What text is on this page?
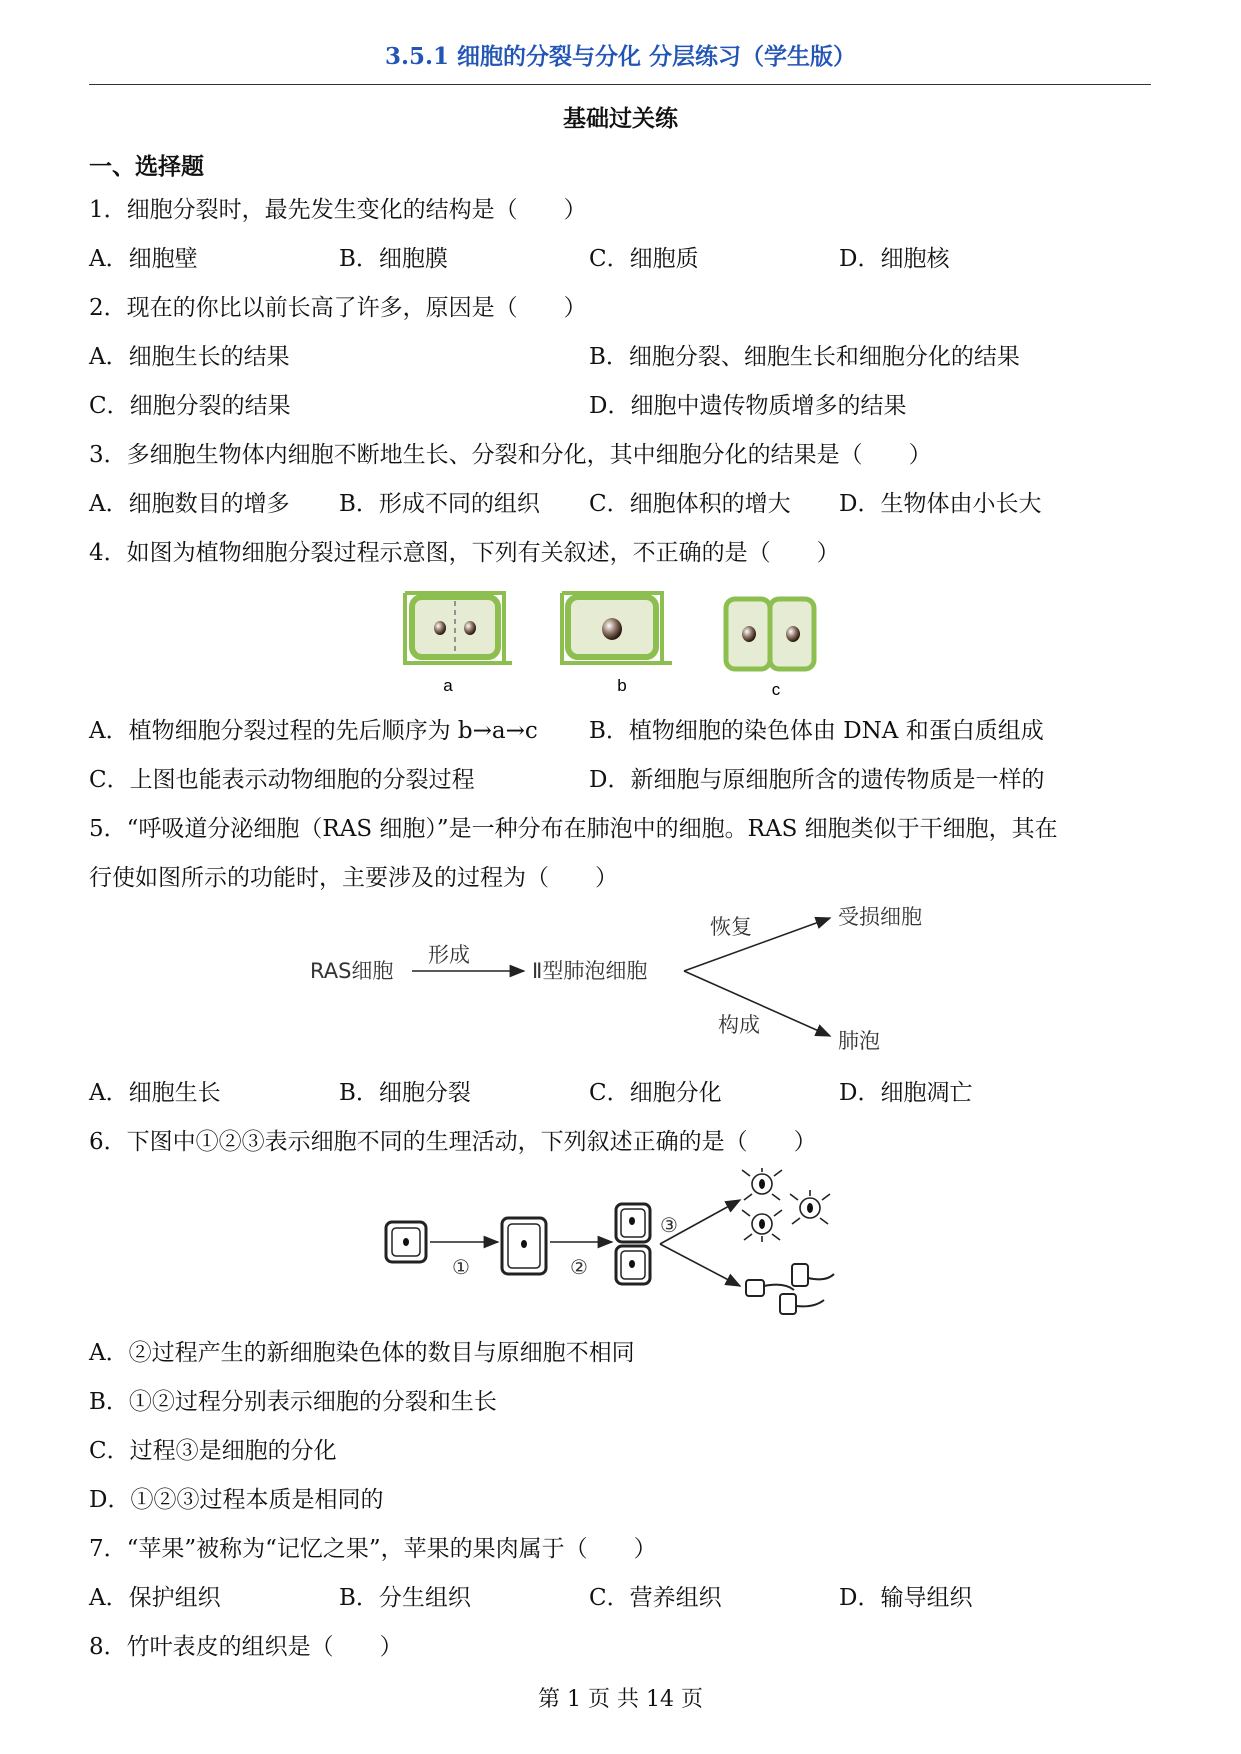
3.5.1 细胞的分裂与分化 分层练习（学生版）
基础过关练
一、选择题
1．细胞分裂时，最先发生变化的结构是（　　）
A．细胞壁	B．细胞膜	C．细胞质	D．细胞核
2．现在的你比以前长高了许多，原因是（　　）
A．细胞生长的结果	B．细胞分裂、细胞生长和细胞分化的结果
C．细胞分裂的结果	D．细胞中遗传物质增多的结果
3．多细胞生物体内细胞不断地生长、分裂和分化，其中细胞分化的结果是（　　）
A．细胞数目的增多 B．形成不同的组织 C．细胞体积的增大 D．生物体由小长大
4．如图为植物细胞分裂过程示意图，下列有关叙述，不正确的是（　　）
a	b	c
A．植物细胞分裂过程的先后顺序为 b→a→c B．植物细胞的染色体由 DNA 和蛋白质组成
C．上图也能表示动物细胞的分裂过程	D．新细胞与原细胞所含的遗传物质是一样的
5．“呼吸道分泌细胞（RAS 细胞）”是一种分布在肺泡中的细胞。RAS 细胞类似于干细胞，其在
行使如图所示的功能时，主要涉及的过程为（　　）
RAS细胞
形成
Ⅱ型肺泡细胞
恢复	受损细胞
构成
肺泡
A．细胞生长	B．细胞分裂	C．细胞分化	D．细胞凋亡
6．下图中①②③表示细胞不同的生理活动，下列叙述正确的是（　　）
①	②
③
A．②过程产生的新细胞染色体的数目与原细胞不相同
B．①②过程分别表示细胞的分裂和生长
C．过程③是细胞的分化
D．①②③过程本质是相同的
7．“苹果”被称为“记忆之果”，苹果的果肉属于（　　）
A．保护组织	B．分生组织	C．营养组织	D．输导组织
8．竹叶表皮的组织是（　　）
第 1 页 共 14 页
